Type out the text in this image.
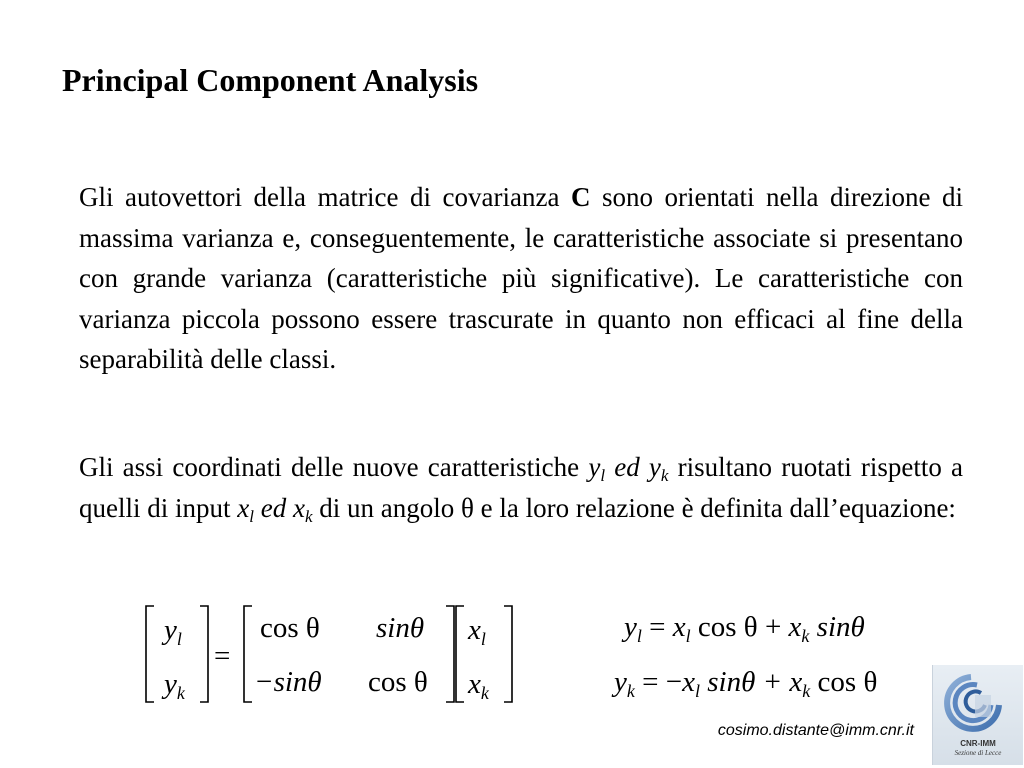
Principal Component Analysis

Gli autovettori della matrice di covarianza C sono orientati nella direzione di massima varianza e, conseguentemente, le caratteristiche associate si presentano con grande varianza (caratteristiche più significative). Le caratteristiche con varianza piccola possono essere trascurate in quanto non efficaci al fine della separabilità delle classi.

Gli assi coordinati delle nuove caratteristiche $y_l$ ed $y_k$ risultano ruotati rispetto a quelli di input $x_l$ ed $x_k$ di un angolo θ e la loro relazione è definita dall’equazione:

$y_l$
$y_k$
=
cos θ sinθ
−sinθ cos θ
$x_l$
$x_k$
$y_l = x_l$ $\cos \theta + x_k$ sinθ
$y_k = -x_l$ $\sin\theta + x_k$ cos θ
cosimo.distante@imm.cnr.it
CNR-IMM
Sezione di Lecce
